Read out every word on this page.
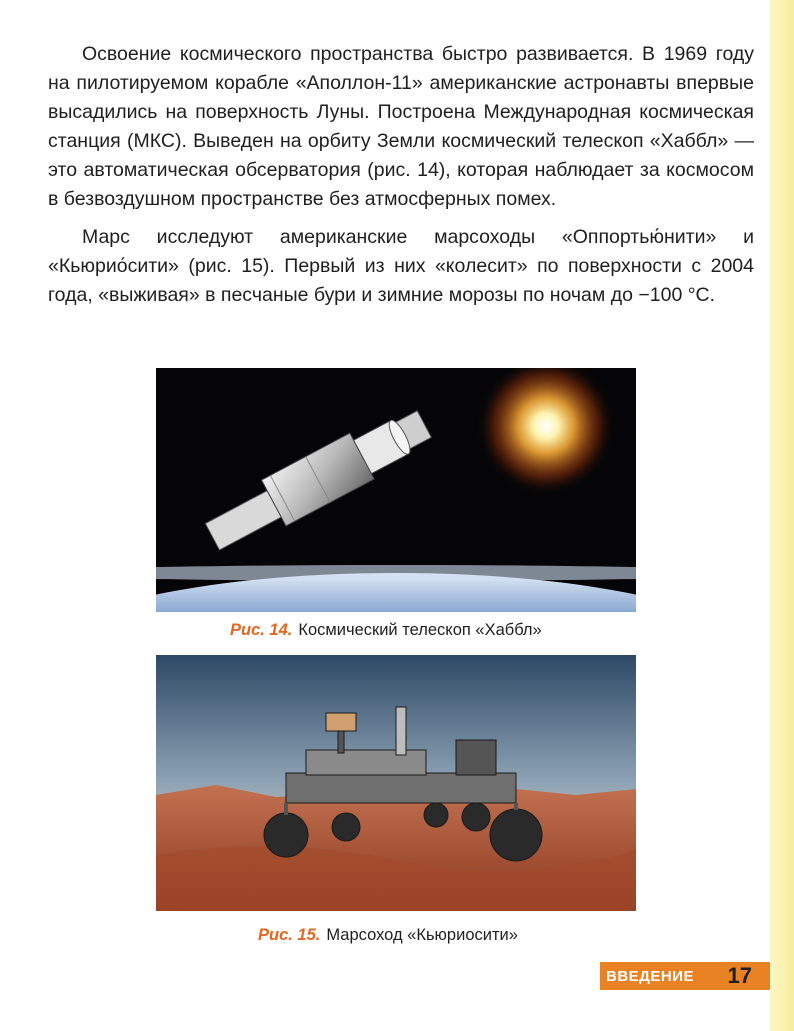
Освоение космического пространства быстро развивается. В 1969 году на пилотируемом корабле «Аполлон-11» американские астронавты впервые высадились на поверхность Луны. Построена Международная космическая станция (МКС). Выведен на орбиту Земли космический телескоп «Хаббл» — это автоматическая обсерватория (рис. 14), которая наблюдает за космосом в безвоздушном пространстве без атмосферных помех.

Марс исследуют американские марсоходы «Оппортью́нити» и «Кьюрио́сити» (рис. 15). Первый из них «колесит» по поверхности с 2004 года, «выживая» в песчаные бури и зимние морозы по ночам до −100 °С.

Рис. 14. Космический телескоп «Хаббл»
Рис. 15. Марсоход «Кьюриосити»
ВВЕДЕНИЕ 17
